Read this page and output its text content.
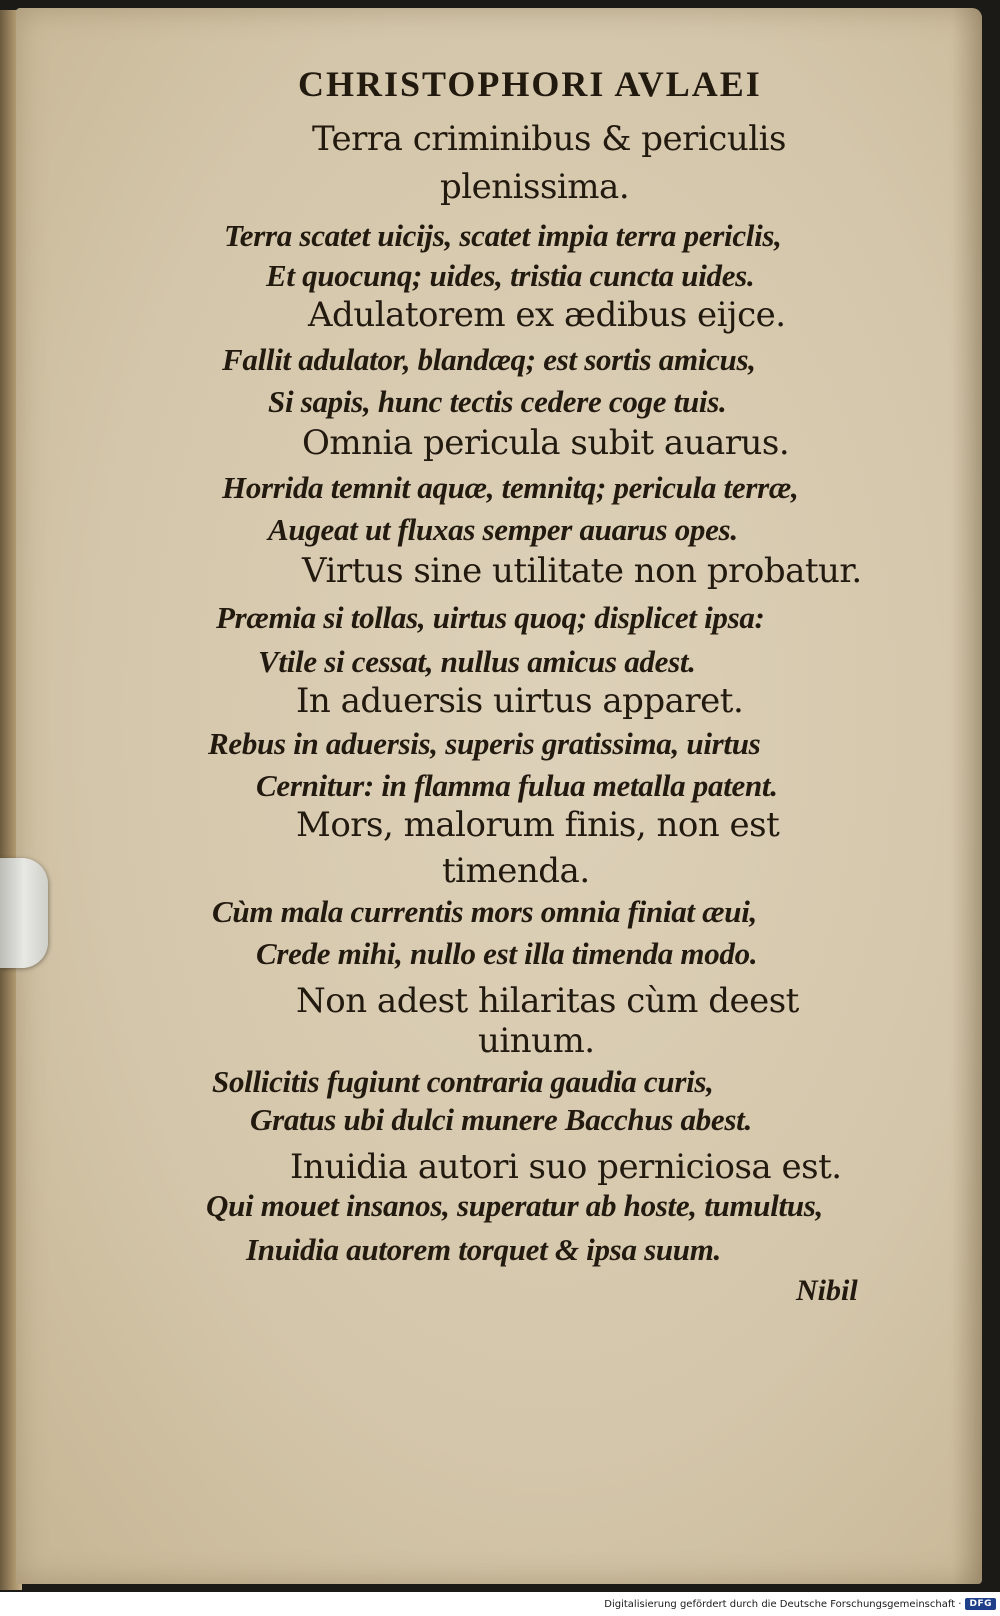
CHRISTOPHORI AVLAEI
Terra criminibus & periculis
plenissima.
Terra scatet uicijs, scatet impia terra periclis,
Et quocunq; uides, tristia cuncta uides.
Adulatorem ex ædibus eijce.
Fallit adulator, blandæq; est sortis amicus,
Si sapis, hunc tectis cedere coge tuis.
Omnia pericula subit auarus.
Horrida temnit aquæ, temnitq; pericula terræ,
Augeat ut fluxas semper auarus opes.
Virtus sine utilitate non probatur.
Præmia si tollas, uirtus quoq; displicet ipsa:
Vtile si cessat, nullus amicus adest.
In aduersis uirtus apparet.
Rebus in aduersis, superis gratissima, uirtus
Cernitur: in flamma fulua metalla patent.
Mors, malorum finis, non est
timenda.
Cùm mala currentis mors omnia finiat æui,
Crede mihi, nullo est illa timenda modo.
Non adest hilaritas cùm deest
uinum.
Sollicitis fugiunt contraria gaudia curis,
Gratus ubi dulci munere Bacchus abest.
Inuidia autori suo perniciosa est.
Qui mouet insanos, superatur ab hoste, tumultus,
Inuidia autorem torquet & ipsa suum.
Nibil
Digitalisierung gefördert durch die Deutsche Forschungsgemeinschaft · DFG
